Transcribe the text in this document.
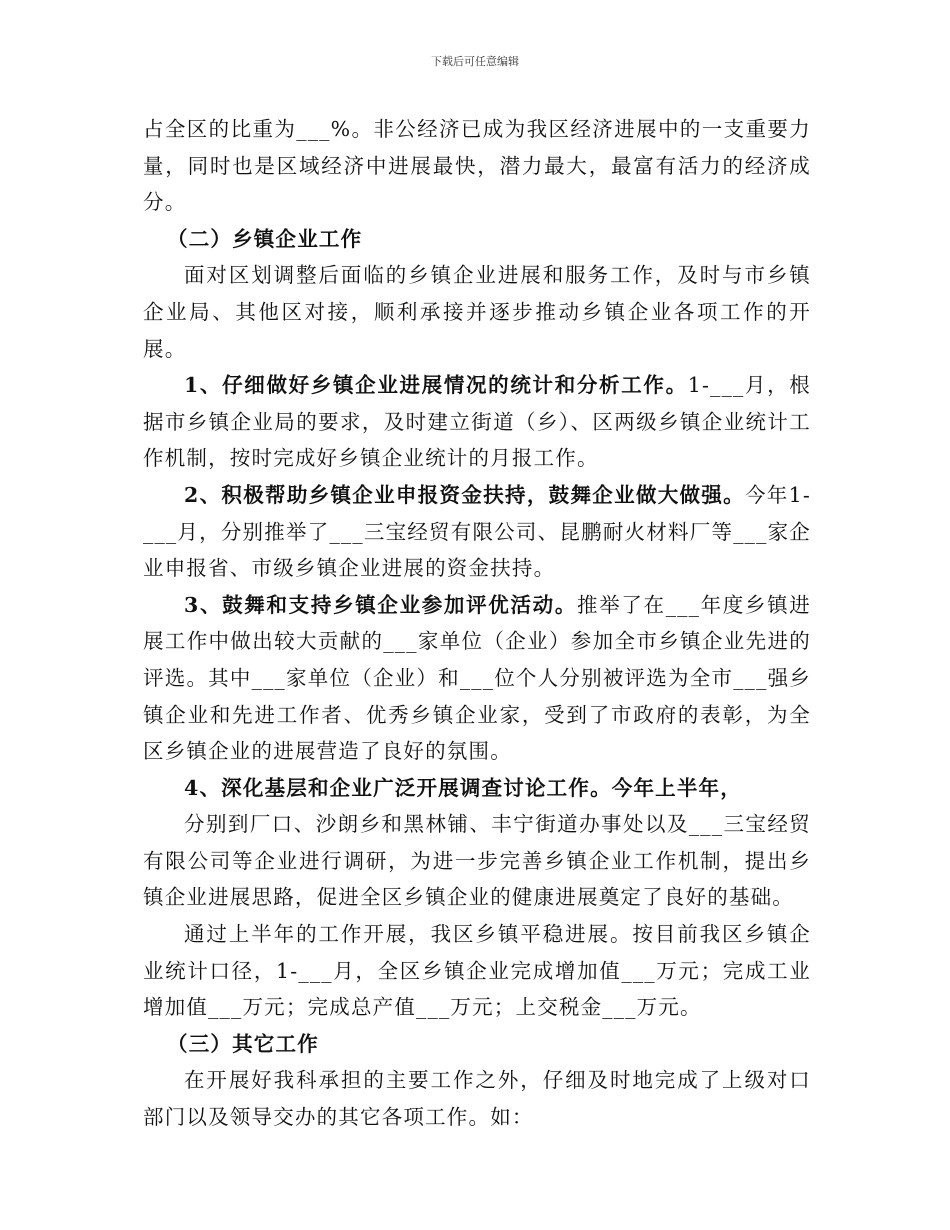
下载后可任意编辑

占全区的比重为___%。非公经济已成为我区经济进展中的一支重要力量，同时也是区域经济中进展最快，潜力最大，最富有活力的经济成分。

（二）乡镇企业工作

面对区划调整后面临的乡镇企业进展和服务工作，及时与市乡镇企业局、其他区对接，顺利承接并逐步推动乡镇企业各项工作的开展。

1、仔细做好乡镇企业进展情况的统计和分析工作。1-___月，根据市乡镇企业局的要求，及时建立街道（乡）、区两级乡镇企业统计工作机制，按时完成好乡镇企业统计的月报工作。

2、积极帮助乡镇企业申报资金扶持，鼓舞企业做大做强。今年1-___月，分别推举了___三宝经贸有限公司、昆鹏耐火材料厂等___家企业申报省、市级乡镇企业进展的资金扶持。

3、鼓舞和支持乡镇企业参加评优活动。推举了在___年度乡镇进展工作中做出较大贡献的___家单位（企业）参加全市乡镇企业先进的评选。其中___家单位（企业）和___位个人分别被评选为全市___强乡镇企业和先进工作者、优秀乡镇企业家，受到了市政府的表彰，为全区乡镇企业的进展营造了良好的氛围。

4、深化基层和企业广泛开展调查讨论工作。今年上半年，

分别到厂口、沙朗乡和黑林铺、丰宁街道办事处以及___三宝经贸有限公司等企业进行调研，为进一步完善乡镇企业工作机制，提出乡镇企业进展思路，促进全区乡镇企业的健康进展奠定了良好的基础。

通过上半年的工作开展，我区乡镇平稳进展。按目前我区乡镇企业统计口径，1-___月，全区乡镇企业完成增加值___万元；完成工业增加值___万元；完成总产值___万元；上交税金___万元。

（三）其它工作

在开展好我科承担的主要工作之外，仔细及时地完成了上级对口部门以及领导交办的其它各项工作。如：
